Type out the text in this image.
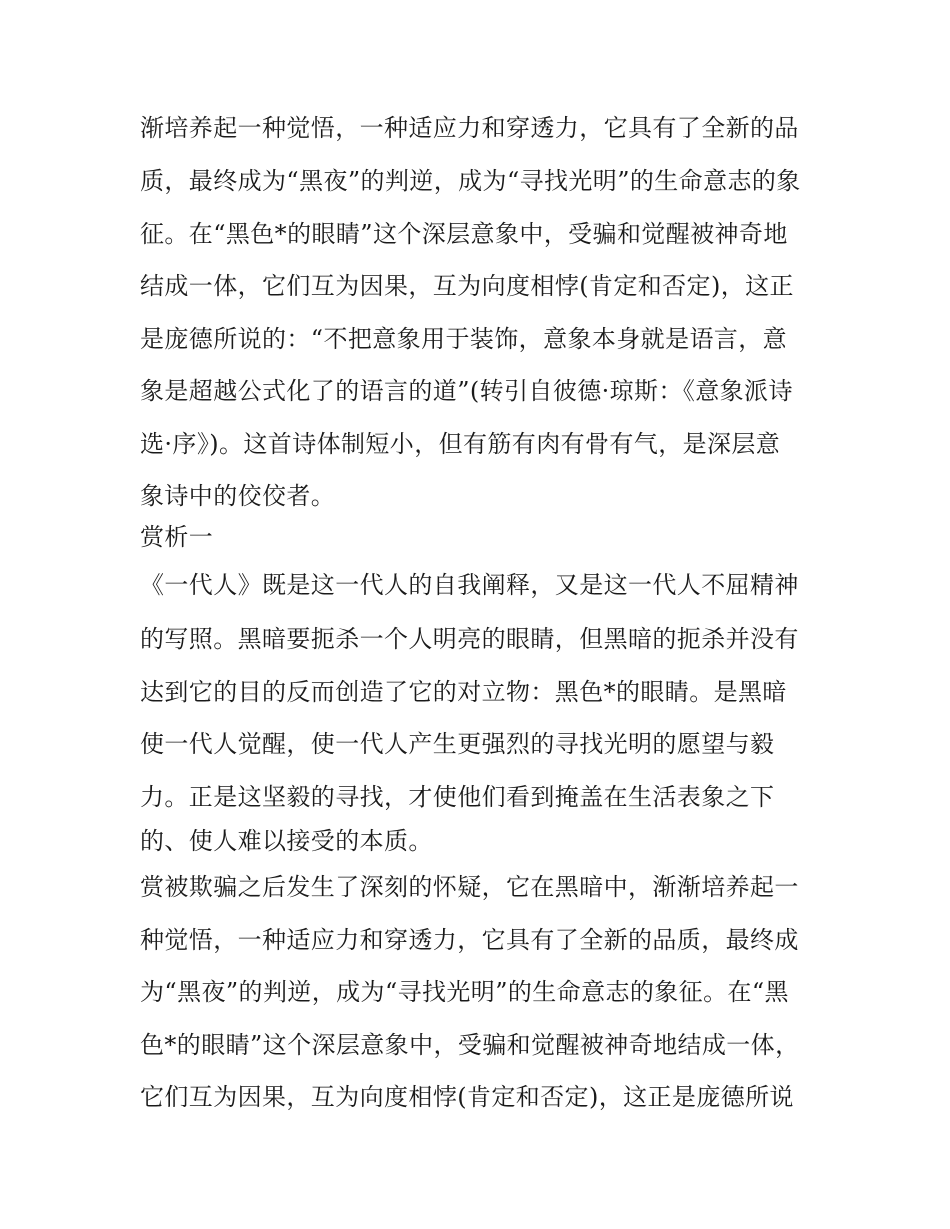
渐培养起一种觉悟，一种适应力和穿透力，它具有了全新的品
质，最终成为“黑夜”的判逆，成为“寻找光明”的生命意志的象
征。在“黑色*的眼睛”这个深层意象中，受骗和觉醒被神奇地
结成一体，它们互为因果，互为向度相悖(肯定和否定)，这正
是庞德所说的：“不把意象用于装饰，意象本身就是语言，意
象是超越公式化了的语言的道”(转引自彼德·琼斯：《意象派诗
选·序》)。这首诗体制短小，但有筋有肉有骨有气，是深层意
象诗中的佼佼者。
赏析一
《一代人》既是这一代人的自我阐释，又是这一代人不屈精神
的写照。黑暗要扼杀一个人明亮的眼睛，但黑暗的扼杀并没有
达到它的目的反而创造了它的对立物：黑色*的眼睛。是黑暗
使一代人觉醒，使一代人产生更强烈的寻找光明的愿望与毅
力。正是这坚毅的寻找，才使他们看到掩盖在生活表象之下
的、使人难以接受的本质。
赏被欺骗之后发生了深刻的怀疑，它在黑暗中，渐渐培养起一
种觉悟，一种适应力和穿透力，它具有了全新的品质，最终成
为“黑夜”的判逆，成为“寻找光明”的生命意志的象征。在“黑
色*的眼睛”这个深层意象中，受骗和觉醒被神奇地结成一体，
它们互为因果，互为向度相悖(肯定和否定)，这正是庞德所说
